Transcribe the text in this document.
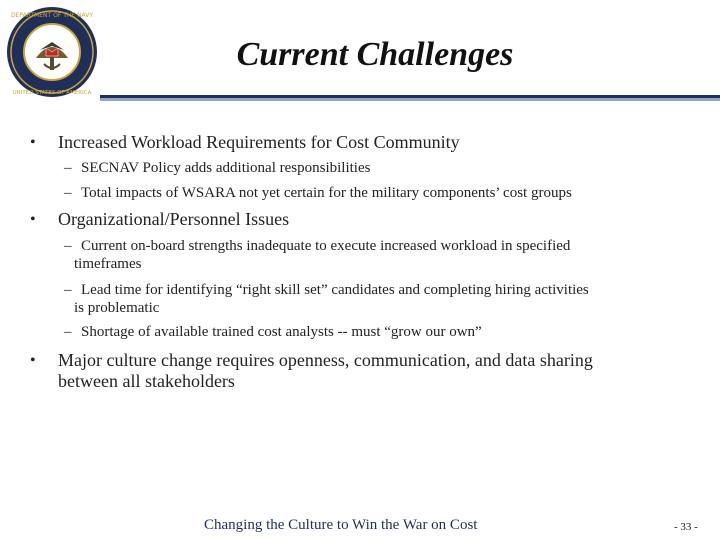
DEPARTMENT OF THE NAVY
UNITED STATES OF AMERICA
Current Challenges
• Increased Workload Requirements for Cost Community
– SECNAV Policy adds additional responsibilities
– Total impacts of WSARA not yet certain for the military components’ cost groups
• Organizational/Personnel Issues
– Current on-board strengths inadequate to execute increased workload in specified
timeframes
– Lead time for identifying “right skill set” candidates and completing hiring activities
is problematic
– Shortage of available trained cost analysts -- must “grow our own”
• Major culture change requires openness, communication, and data sharing
between all stakeholders
Changing the Culture to Win the War on Cost	- 33 -
